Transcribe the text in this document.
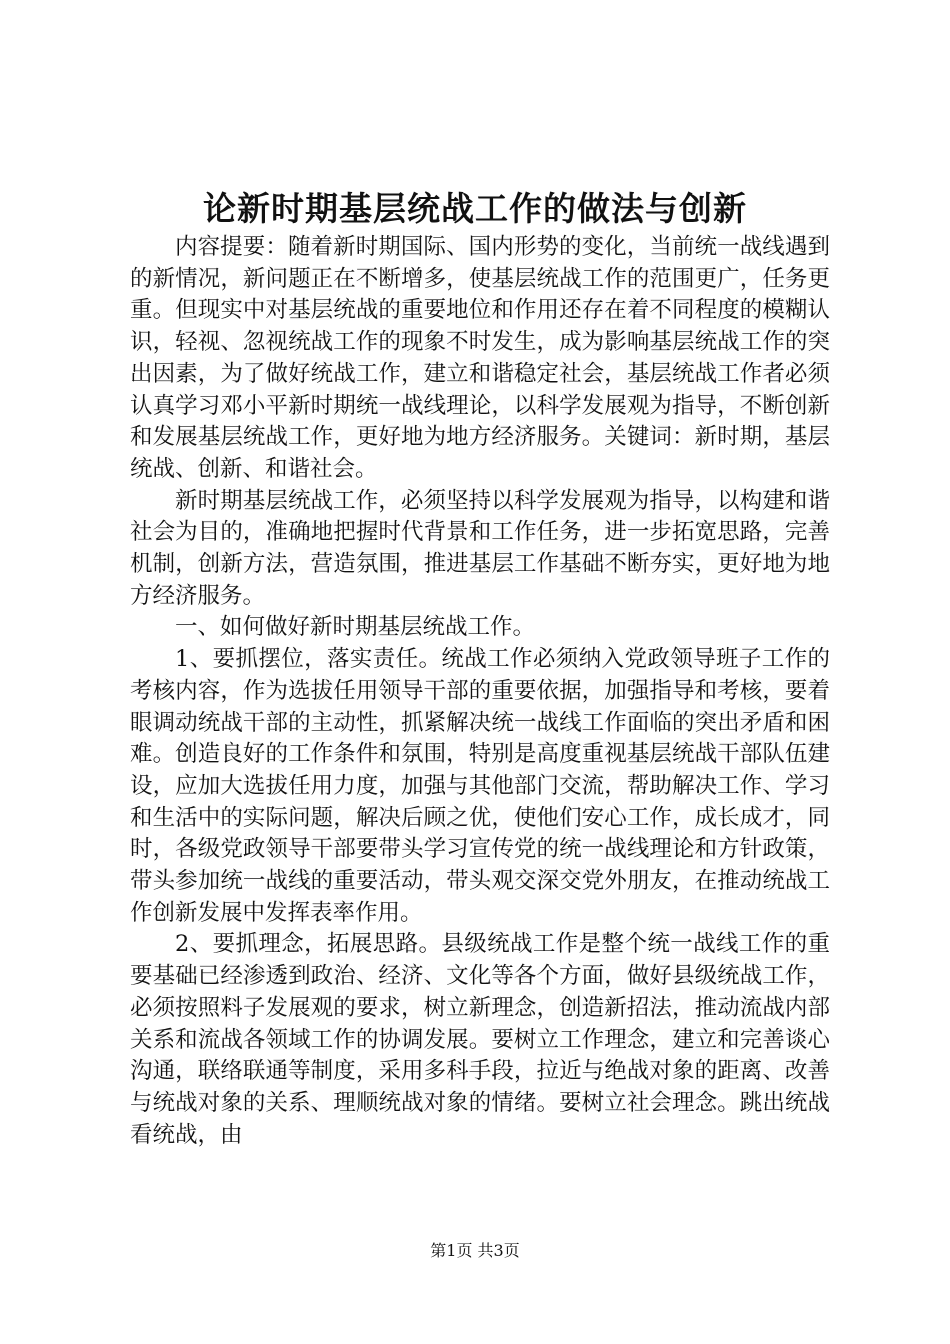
论新时期基层统战工作的做法与创新

内容提要：随着新时期国际、国内形势的变化，当前统一战线遇到的新情况，新问题正在不断增多，使基层统战工作的范围更广，任务更重。但现实中对基层统战的重要地位和作用还存在着不同程度的模糊认识，轻视、忽视统战工作的现象不时发生，成为影响基层统战工作的突出因素，为了做好统战工作，建立和谐稳定社会，基层统战工作者必须认真学习邓小平新时期统一战线理论，以科学发展观为指导，不断创新和发展基层统战工作，更好地为地方经济服务。关键词：新时期，基层统战、创新、和谐社会。

新时期基层统战工作，必须坚持以科学发展观为指导，以构建和谐社会为目的，准确地把握时代背景和工作任务，进一步拓宽思路，完善机制，创新方法，营造氛围，推进基层工作基础不断夯实，更好地为地方经济服务。

一、如何做好新时期基层统战工作。

1、要抓摆位，落实责任。统战工作必须纳入党政领导班子工作的考核内容，作为选拔任用领导干部的重要依据，加强指导和考核，要着眼调动统战干部的主动性，抓紧解决统一战线工作面临的突出矛盾和困难。创造良好的工作条件和氛围，特别是高度重视基层统战干部队伍建设，应加大选拔任用力度，加强与其他部门交流，帮助解决工作、学习和生活中的实际问题，解决后顾之优，使他们安心工作，成长成才，同时，各级党政领导干部要带头学习宣传党的统一战线理论和方针政策，带头参加统一战线的重要活动，带头观交深交党外朋友，在推动统战工作创新发展中发挥表率作用。

2、要抓理念，拓展思路。县级统战工作是整个统一战线工作的重要基础已经渗透到政治、经济、文化等各个方面，做好县级统战工作，必须按照料子发展观的要求，树立新理念，创造新招法，推动流战内部关系和流战各领域工作的协调发展。要树立工作理念，建立和完善谈心沟通，联络联通等制度，采用多科手段，拉近与绝战对象的距离、改善与统战对象的关系、理顺统战对象的情绪。要树立社会理念。跳出统战看统战，由

第1页 共3页
